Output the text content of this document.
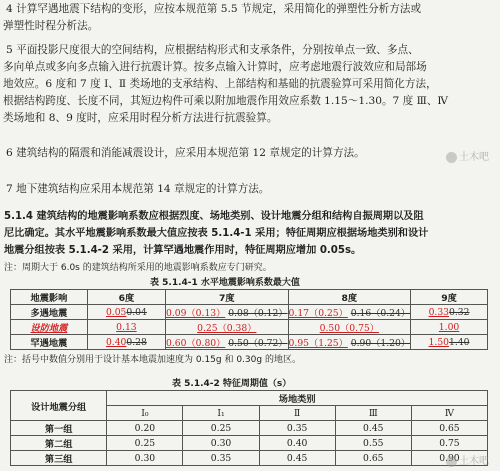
4 计算罕遇地震下结构的变形，应按本规范第 5.5 节规定，采用简化的弹塑性分析方法或
弹塑性时程分析法。
5 平面投影尺度很大的空间结构，应根据结构形式和支承条件，分别按单点一致、多点、
多向单点或多向多点输入进行抗震计算。按多点输入计算时，应考虑地震行波效应和局部场
地效应。6 度和 7 度 Ⅰ、Ⅱ 类场地的支承结构、上部结构和基础的抗震验算可采用简化方法，
根据结构跨度、长度不同，其短边构件可乘以附加地震作用效应系数 1.15～1.30。7 度 Ⅲ、Ⅳ
类场地和 8、9 度时，应采用时程分析方法进行抗震验算。
6 建筑结构的隔震和消能减震设计，应采用本规范第 12 章规定的计算方法。
7 地下建筑结构应采用本规范第 14 章规定的计算方法。
土木吧
5.1.4 建筑结构的地震影响系数应根据烈度、场地类别、设计地震分组和结构自振周期以及阻
尼比确定。其水平地震影响系数最大值应按表 5.1.4-1 采用；特征周期应根据场地类别和设计
地震分组按表 5.1.4-2 采用，计算罕遇地震作用时，特征周期应增加 0.05s。
注：周期大于 6.0s 的建筑结构所采用的地震影响系数应专门研究。
表 5.1.4-1 水平地震影响系数最大值
地震影响	6度	7度	8度	9度
多遇地震	0.050.04	0.09（0.13） 0.08（0.12）	0.17（0.25） 0.16（0.24）	0.330.32
设防地震	0.13	0.25（0.38）	0.50（0.75）	1.00
罕遇地震	0.400.28	0.60（0.80） 0.50（0.72）	0.95（1.25） 0.90（1.20）	1.501.40
注：括号中数值分别用于设计基本地震加速度为 0.15g 和 0.30g 的地区。
表 5.1.4-2 特征周期值（s）
设计地震分组	场地类别				
	I₀	I₁	Ⅱ	Ⅲ	Ⅳ
第一组	0.20	0.25	0.35	0.45	0.65
第二组	0.25	0.30	0.40	0.55	0.75
第三组	0.30	0.35	0.45	0.65	0.90 土木吧
